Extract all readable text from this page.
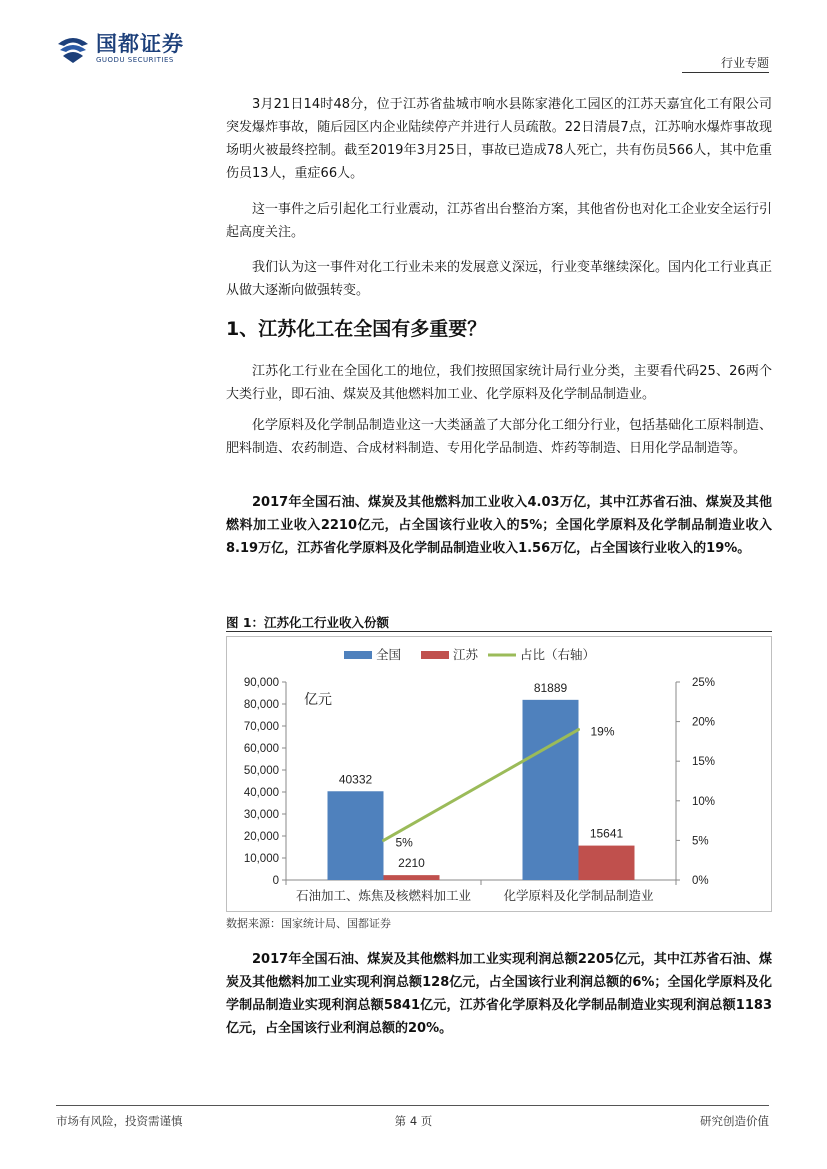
国都证券
GUODU SECURITIES	行业专题

3月21日14时48分，位于江苏省盐城市响水县陈家港化工园区的江苏天嘉宜化工有限公司突发爆炸事故，随后园区内企业陆续停产并进行人员疏散。22日清晨7点，江苏响水爆炸事故现场明火被最终控制。截至2019年3月25日，事故已造成78人死亡，共有伤员566人，其中危重伤员13人，重症66人。

这一事件之后引起化工行业震动，江苏省出台整治方案，其他省份也对化工企业安全运行引起高度关注。

我们认为这一事件对化工行业未来的发展意义深远，行业变革继续深化。国内化工行业真正从做大逐渐向做强转变。

1、江苏化工在全国有多重要？

江苏化工行业在全国化工的地位，我们按照国家统计局行业分类，主要看代码25、26两个大类行业，即石油、煤炭及其他燃料加工业、化学原料及化学制品制造业。

化学原料及化学制品制造业这一大类涵盖了大部分化工细分行业，包括基础化工原料制造、肥料制造、农药制造、合成材料制造、专用化学品制造、炸药等制造、日用化学品制造等。

2017年全国石油、煤炭及其他燃料加工业收入4.03万亿，其中江苏省石油、煤炭及其他燃料加工业收入2210亿元，占全国该行业收入的5%；全国化学原料及化学制品制造业收入8.19万亿，江苏省化学原料及化学制品制造业收入1.56万亿，占全国该行业收入的19%。

图 1：江苏化工行业收入份额
全国	江苏	占比（右轴）
0
10,000
20,000
30,000
40,000
50,000
60,000
70,000
80,000
90,000
亿元
0%
5%
10%
15%
20%
25%
40332
2210
石油加工、炼焦及核燃料加工业
81889
15641
化学原料及化学制品制造业
5%
19%
数据来源：国家统计局、国都证券

2017年全国石油、煤炭及其他燃料加工业实现利润总额2205亿元，其中江苏省石油、煤炭及其他燃料加工业实现利润总额128亿元，占全国该行业利润总额的6%；全国化学原料及化学制品制造业实现利润总额5841亿元，江苏省化学原料及化学制品制造业实现利润总额1183亿元，占全国该行业利润总额的20%。

市场有风险，投资需谨慎	第 4 页	研究创造价值
